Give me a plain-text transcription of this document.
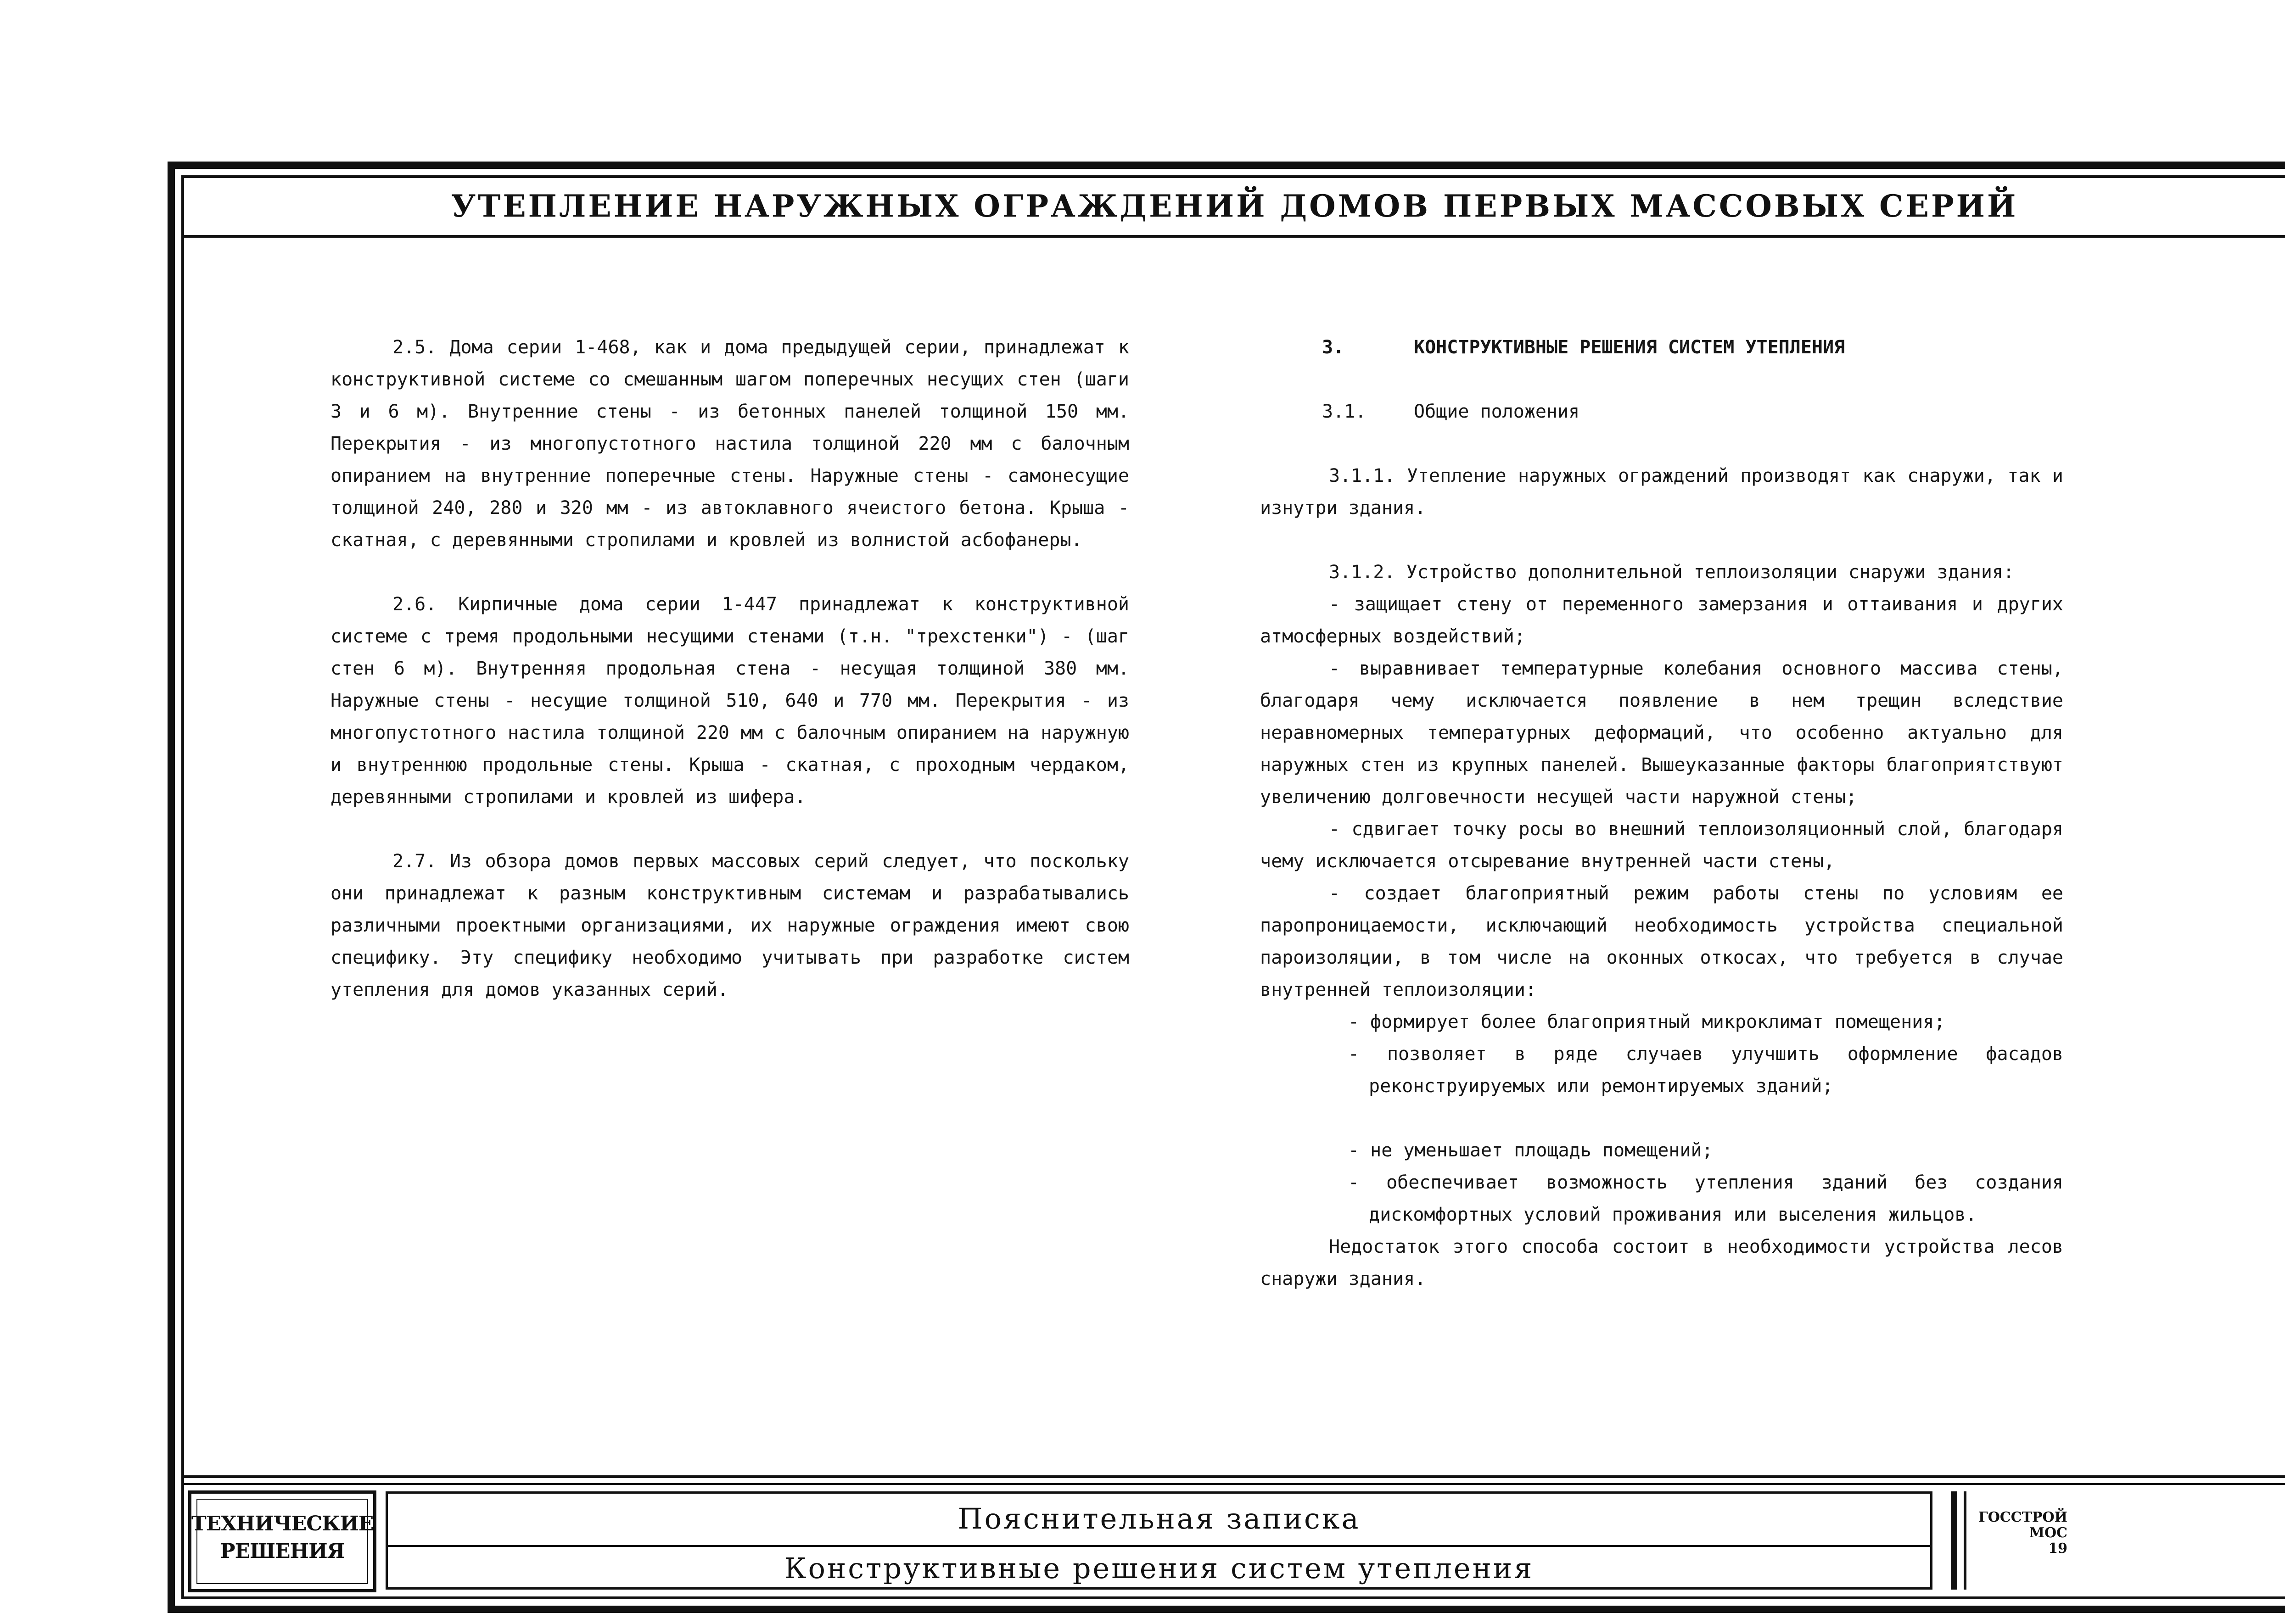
УТЕПЛЕНИЕ НАРУЖНЫХ ОГРАЖДЕНИЙ ДОМОВ ПЕРВЫХ МАССОВЫХ СЕРИЙ

2.5. Дома серии 1-468, как и дома предыдущей серии, принадлежат к конструктивной системе со смешанным шагом поперечных несущих стен (шаги 3 и 6 м). Внутренние стены - из бетонных панелей толщиной 150 мм. Перекрытия - из многопустотного настила толщиной 220 мм с балочным опиранием на внутренние поперечные стены. Наружные стены - самонесущие толщиной 240, 280 и 320 мм - из автоклавного ячеистого бетона. Крыша - скатная, с деревянными стропилами и кровлей из волнистой асбофанеры.

2.6. Кирпичные дома серии 1-447 принадлежат к конструктивной системе с тремя продольными несущими стенами (т.н. "трехстенки") - (шаг стен 6 м). Внутренняя продольная стена - несущая толщиной 380 мм. Наружные стены - несущие толщиной 510, 640 и 770 мм. Перекрытия - из многопустотного настила толщиной 220 мм с балочным опиранием на наружную и внутреннюю продольные стены. Крыша - скатная, с проходным чердаком, деревянными стропилами и кровлей из шифера.

2.7. Из обзора домов первых массовых серий следует, что поскольку они принадлежат к разным конструктивным системам и разрабатывались различными проектными организациями, их наружные ограждения имеют свою специфику. Эту специфику необходимо учитывать при разработке систем утепления для домов указанных серий.

3.	КОНСТРУКТИВНЫЕ РЕШЕНИЯ СИСТЕМ УТЕПЛЕНИЯ

3.1.	Общие положения

3.1.1. Утепление наружных ограждений производят как снаружи, так и изнутри здания.

3.1.2. Устройство дополнительной теплоизоляции снаружи здания:

- защищает стену от переменного замерзания и оттаивания и других атмосферных воздействий;

- выравнивает температурные колебания основного массива стены, благодаря чему исключается появление в нем трещин вследствие неравномерных температурных деформаций, что особенно актуально для наружных стен из крупных панелей. Вышеуказанные факторы благоприятствуют увеличению долговечности несущей части наружной стены;

- сдвигает точку росы во внешний теплоизоляционный слой, благодаря чему исключается отсыревание внутренней части стены,

- создает благоприятный режим работы стены по условиям ее паропроницаемости, исключающий необходимость устройства специальной пароизоляции, в том числе на оконных откосах, что требуется в случае внутренней теплоизоляции:

- формирует более благоприятный микроклимат помещения;

- позволяет в ряде случаев улучшить оформление фасадов реконструируемых или ремонтируемых зданий;

- не уменьшает площадь помещений;

- обеспечивает возможность утепления зданий без создания дискомфортных условий проживания или выселения жильцов.

Недостаток этого способа состоит в необходимости устройства лесов снаружи здания.

ТЕХНИЧЕСКИЕ
РЕШЕНИЯ
Пояснительная записка
Конструктивные решения систем утепления
ГОССТРОЙ
МОС
19
